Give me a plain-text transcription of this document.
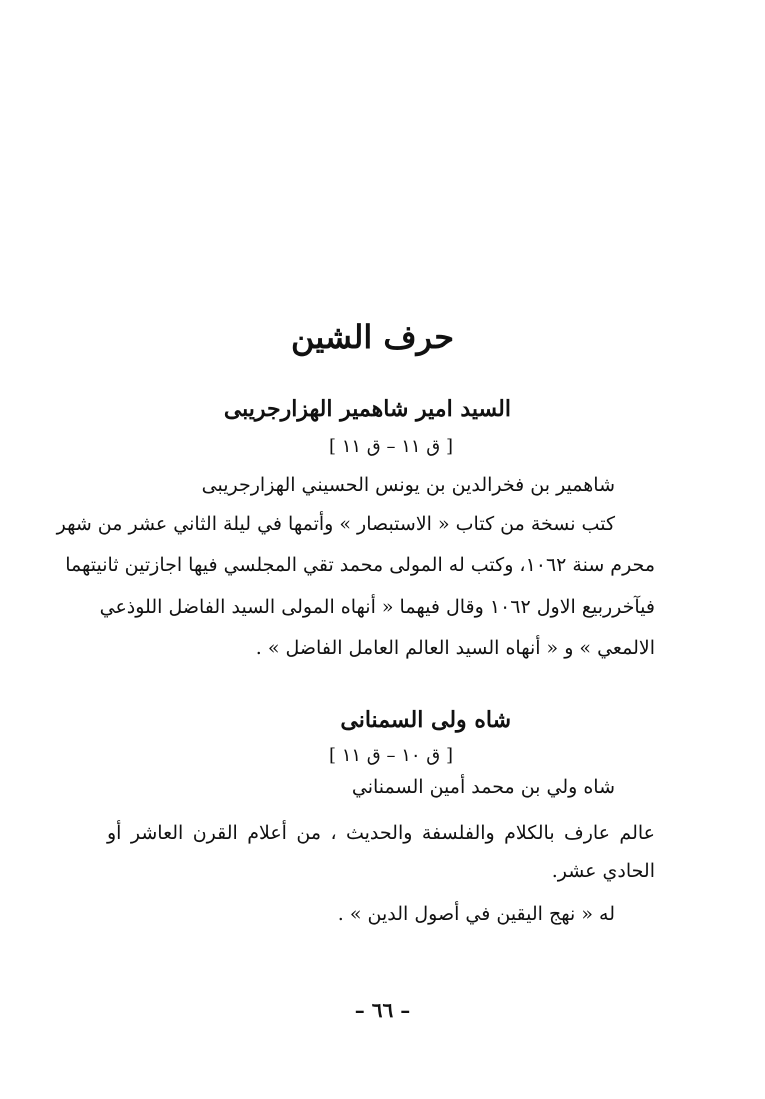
حرف الشين
السيد امير شاهمير الهزارجريبى
[ ق ١١ – ق ١١ ]
شاهمير بن فخرالدين بن يونس الحسيني الهزارجريبى
كتب نسخة من كتاب « الاستبصار » وأتمها في ليلة الثاني عشر من شهر
محرم سنة ١٠٦٢، وكتب له المولى محمد تقي المجلسي فيها اجازتين ثانيتهما
فيآخرربيع الاول ١٠٦٢ وقال فيهما « أنهاه المولى السيد الفاضل اللوذعي
الالمعي » و « أنهاه السيد العالم العامل الفاضل » .
شاه ولى السمنانى
[ ق ١٠ – ق ١١ ]
شاه ولي بن محمد أمين السمناني
عالم عارف بالكلام والفلسفة والحديث ، من أعلام القرن العاشر أو
الحادي عشر.
له « نهج اليقين في أصول الدين » .
– ٦٦ –
